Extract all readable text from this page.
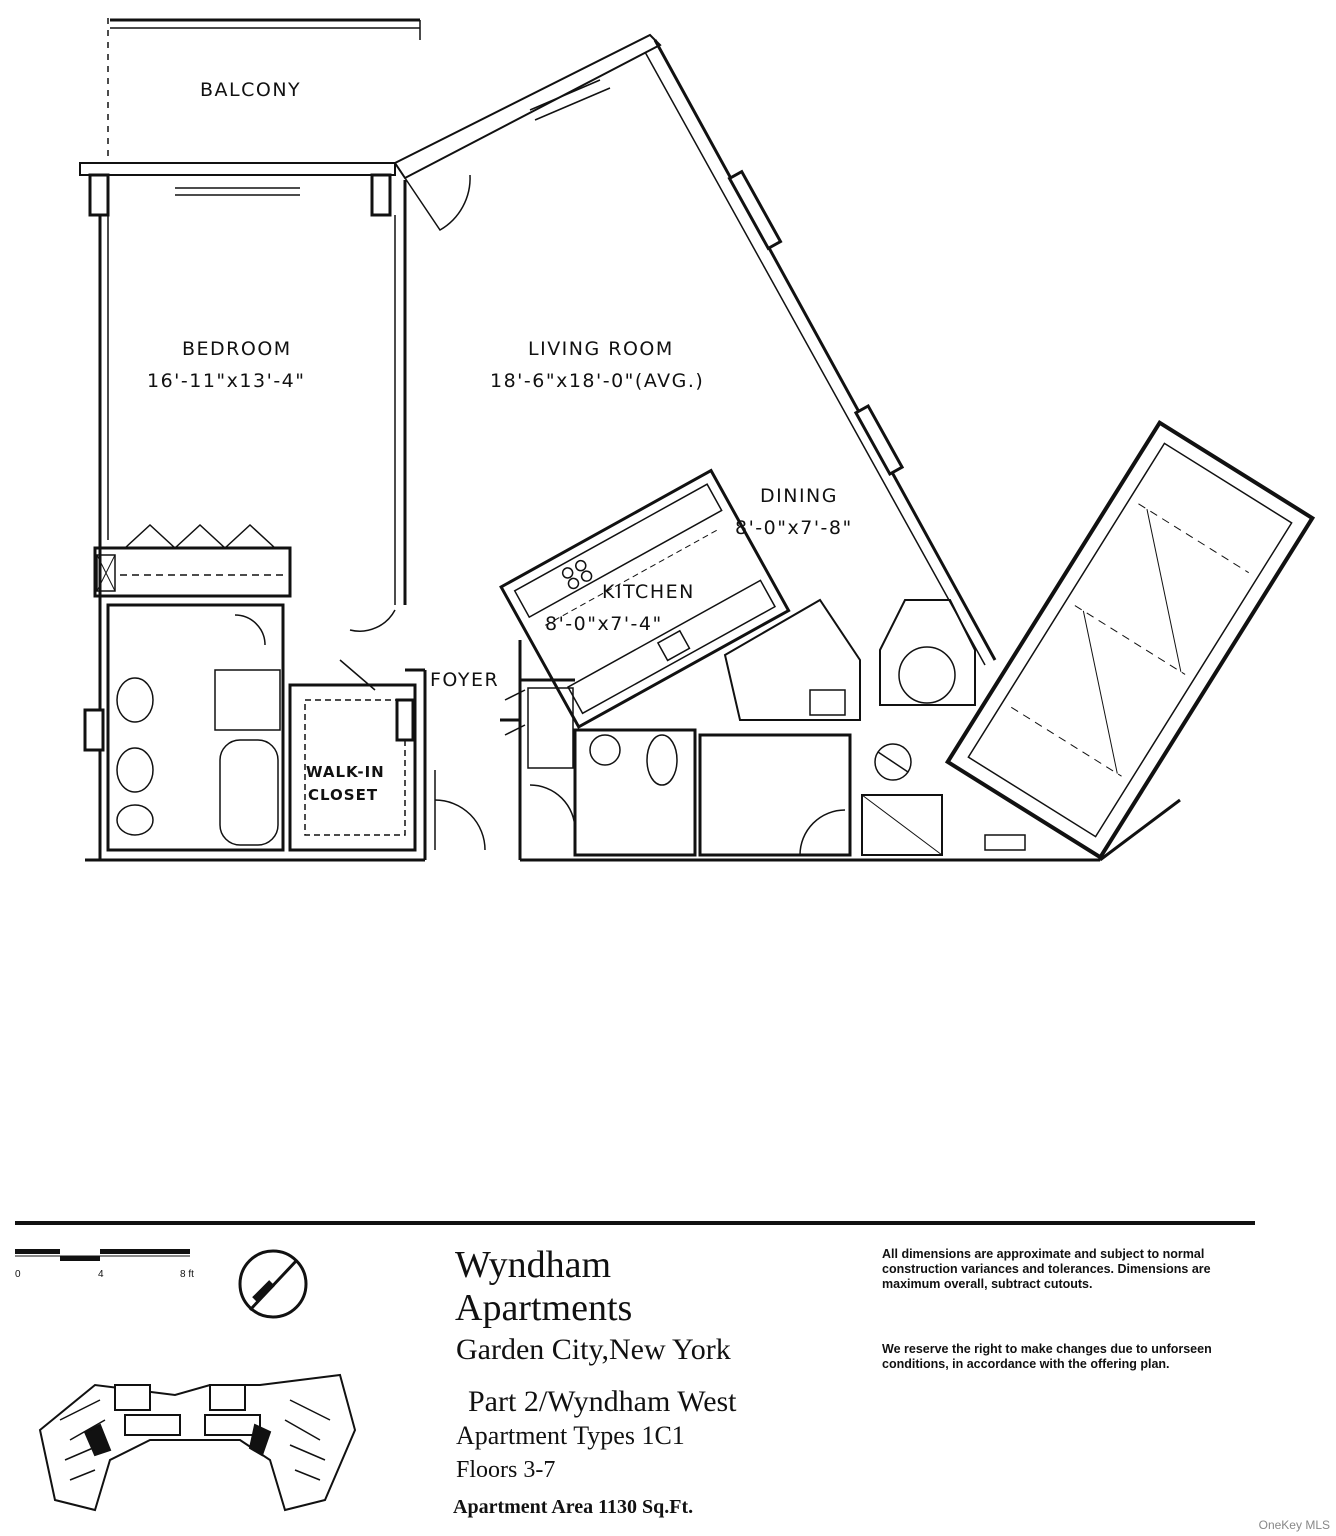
BALCONY
BEDROOM
16'-11"x13'-4"
LIVING ROOM
18'-6"x18'-0"(AVG.)
DINING
8'-0"x7'-8"
KITCHEN
8'-0"x7'-4"
FOYER
WALK-IN
CLOSET
0	4	8 ft	Wyndham
Apartments
Garden City,New York
Part 2/Wyndham West
Apartment Types 1C1
Floors 3-7
Apartment Area 1130 Sq.Ft.
All dimensions are approximate and subject to normal construction variances and tolerances. Dimensions are maximum overall, subtract cutouts.
We reserve the right to make changes due to unforseen conditions, in accordance with the offering plan.
OneKey MLS
